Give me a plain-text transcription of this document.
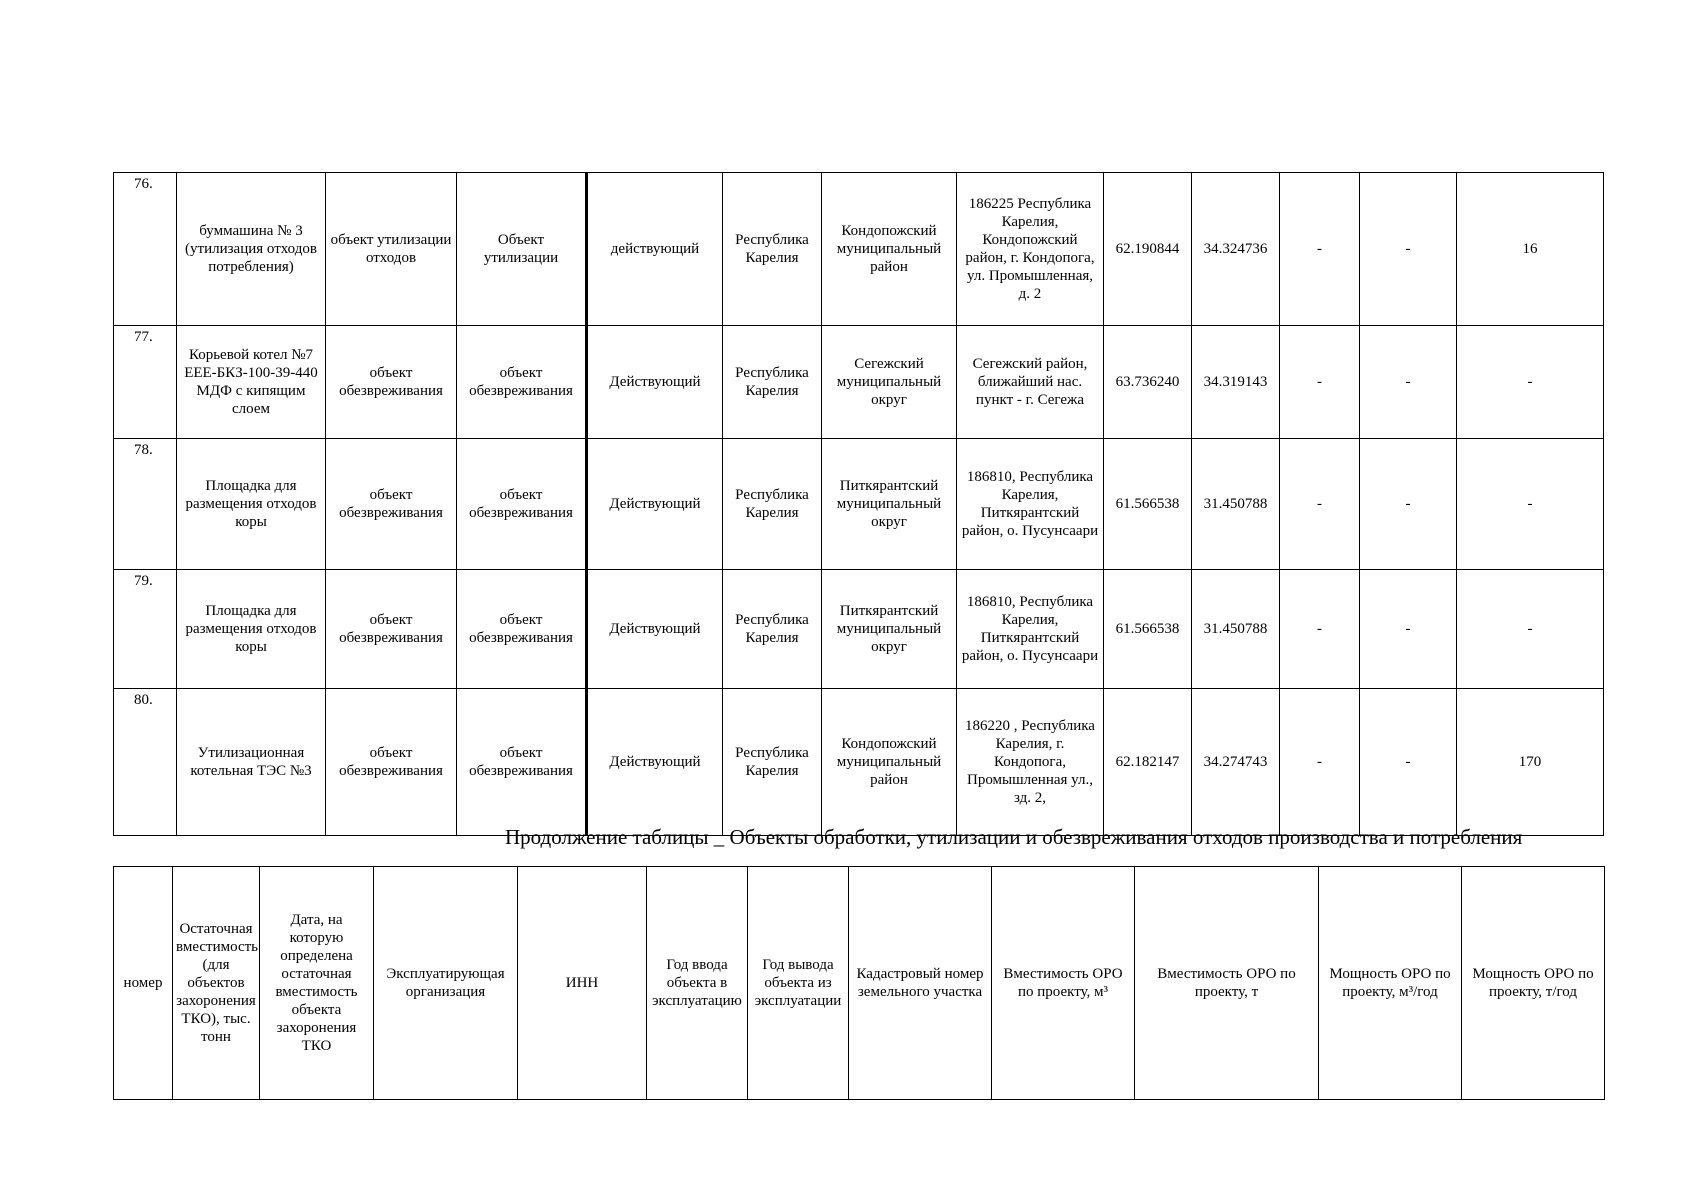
76.	буммашина № 3 (утилизация отходов потребления)	объект утилизации отходов	Объект утилизации	действующий	Республика Карелия	Кондопожский муниципальный район	186225 Республика Карелия, Кондопожский район, г. Кондопога, ул. Промышленная, д. 2	62.190844	34.324736	-	-	16
77.	Корьевой котел №7 ЕЕЕ-БКЗ-100-39-440 МДФ с кипящим слоем	объект обезвреживания	объект обезвреживания	Действующий	Республика Карелия	Сегежский муниципальный округ	Сегежский район, ближайший нас. пункт - г. Сегежа	63.736240	34.319143	-	-	-
78.	Площадка для размещения отходов коры	объект обезвреживания	объект обезвреживания	Действующий	Республика Карелия	Питкярантский муниципальный округ	186810, Республика Карелия, Питкярантский район, о. Пусунсаари	61.566538	31.450788	-	-	-
79.	Площадка для размещения отходов коры	объект обезвреживания	объект обезвреживания	Действующий	Республика Карелия	Питкярантский муниципальный округ	186810, Республика Карелия, Питкярантский район, о. Пусунсаари	61.566538	31.450788	-	-	-
80.	Утилизационная котельная ТЭС №3	объект обезвреживания	объект обезвреживания	Действующий	Республика Карелия	Кондопожский муниципальный район	186220 , Республика Карелия, г. Кондопога, Промышленная ул., зд. 2,	62.182147	34.274743	-	-	170
Продолжение таблицы _ Объекты обработки, утилизации и обезвреживания отходов производства и потребления
номер	Остаточная вместимость (для объектов захоронения ТКО), тыс. тонн	Дата, на которую определена остаточная вместимость объекта захоронения ТКО	Эксплуатирующая организация	ИНН	Год ввода объекта в эксплуатацию	Год вывода объекта из эксплуатации	Кадастровый номер земельного участка	Вместимость ОРО по проекту, м³	Вместимость ОРО по проекту, т	Мощность ОРО по проекту, м³/год	Мощность ОРО по проекту, т/год
